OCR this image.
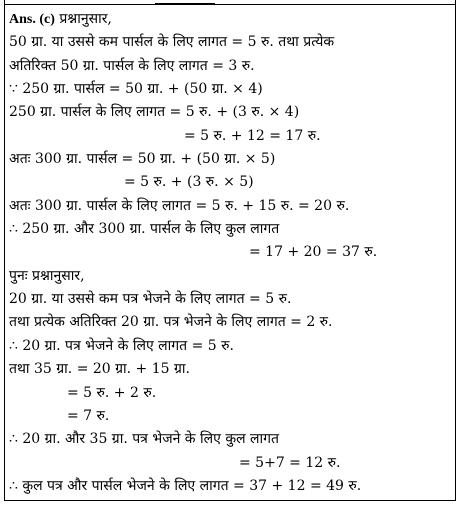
Ans. (c) प्रश्नानुसार,
50 ग्रा. या उससे कम पार्सल के लिए लागत = 5 रु. तथा प्रत्येक
अतिरिक्त 50 ग्रा. पार्सल के लिए लागत = 3 रु.
∵ 250 ग्रा. पार्सल = 50 ग्रा. + (50 ग्रा. × 4)
250 ग्रा. पार्सल के लिए लागत = 5 रु. + (3 रु. × 4)
= 5 रु. + 12 = 17 रु.
अतः 300 ग्रा. पार्सल = 50 ग्रा. + (50 ग्रा. × 5)
= 5 रु. + (3 रु. × 5)
अतः 300 ग्रा. पार्सल के लिए लागत = 5 रु. + 15 रु. = 20 रु.
∴ 250 ग्रा. और 300 ग्रा. पार्सल के लिए कुल लागत
= 17 + 20 = 37 रु.
पुनः प्रश्नानुसार,
20 ग्रा. या उससे कम पत्र भेजने के लिए लागत = 5 रु.
तथा प्रत्येक अतिरिक्त 20 ग्रा. पत्र भेजने के लिए लागत = 2 रु.
∴ 20 ग्रा. पत्र भेजने के लिए लागत = 5 रु.
तथा 35 ग्रा. = 20 ग्रा. + 15 ग्रा.
= 5 रु. + 2 रु.
= 7 रु.
∴ 20 ग्रा. और 35 ग्रा. पत्र भेजने के लिए कुल लागत
= 5+7 = 12 रु.
∴ कुल पत्र और पार्सल भेजने के लिए लागत = 37 + 12 = 49 रु.
